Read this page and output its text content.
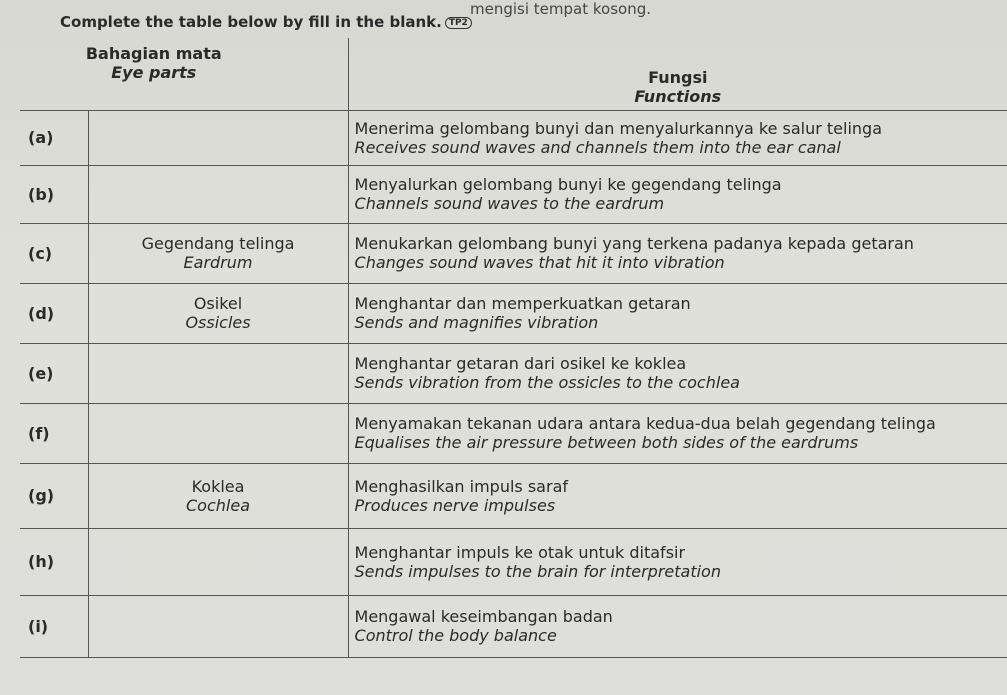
mengisi tempat kosong.
Complete the table below by fill in the blank. TP2
Bahagian mata
Eye parts		Fungsi
Functions

(a)		Menerima gelombang bunyi dan menyalurkannya ke salur telinga
Receives sound waves and channels them into the ear canal

(b)		Menyalurkan gelombang bunyi ke gegendang telinga
Channels sound waves to the eardrum

(c)	Gegendang telinga
Eardrum	Menukarkan gelombang bunyi yang terkena padanya kepada getaran
Changes sound waves that hit it into vibration

(d)	Osikel
Ossicles	Menghantar dan memperkuatkan getaran
Sends and magnifies vibration

(e)		Menghantar getaran dari osikel ke koklea
Sends vibration from the ossicles to the cochlea

(f)		Menyamakan tekanan udara antara kedua-dua belah gegendang telinga
Equalises the air pressure between both sides of the eardrums

(g)	Koklea
Cochlea	Menghasilkan impuls saraf
Produces nerve impulses

(h)		Menghantar impuls ke otak untuk ditafsir
Sends impulses to the brain for interpretation

(i)		Mengawal keseimbangan badan
Control the body balance
